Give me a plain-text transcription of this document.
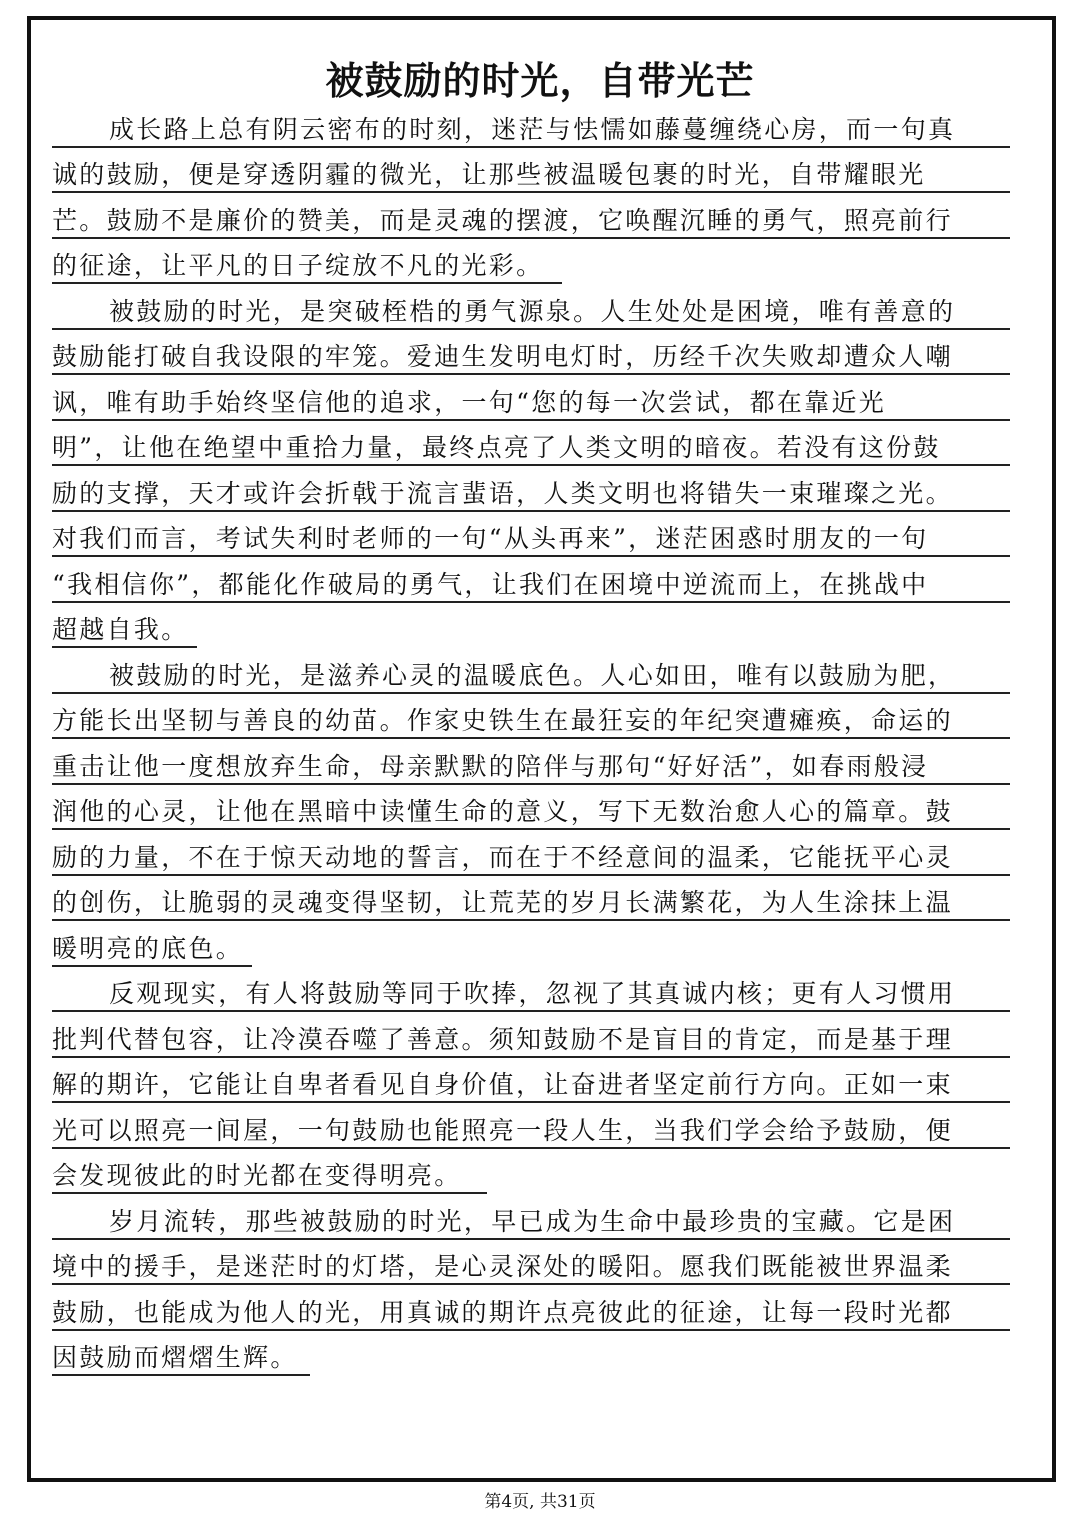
被鼓励的时光，自带光芒
成长路上总有阴云密布的时刻，迷茫与怯懦如藤蔓缠绕心房，而一句真
诚的鼓励，便是穿透阴霾的微光，让那些被温暖包裹的时光，自带耀眼光
芒。鼓励不是廉价的赞美，而是灵魂的摆渡，它唤醒沉睡的勇气，照亮前行
的征途，让平凡的日子绽放不凡的光彩。
被鼓励的时光，是突破桎梏的勇气源泉。人生处处是困境，唯有善意的
鼓励能打破自我设限的牢笼。爱迪生发明电灯时，历经千次失败却遭众人嘲
讽，唯有助手始终坚信他的追求，一句“您的每一次尝试，都在靠近光
明”，让他在绝望中重拾力量，最终点亮了人类文明的暗夜。若没有这份鼓
励的支撑，天才或许会折戟于流言蜚语，人类文明也将错失一束璀璨之光。
对我们而言，考试失利时老师的一句“从头再来”，迷茫困惑时朋友的一句
“我相信你”，都能化作破局的勇气，让我们在困境中逆流而上，在挑战中
超越自我。
被鼓励的时光，是滋养心灵的温暖底色。人心如田，唯有以鼓励为肥，
方能长出坚韧与善良的幼苗。作家史铁生在最狂妄的年纪突遭瘫痪，命运的
重击让他一度想放弃生命，母亲默默的陪伴与那句“好好活”，如春雨般浸
润他的心灵，让他在黑暗中读懂生命的意义，写下无数治愈人心的篇章。鼓
励的力量，不在于惊天动地的誓言，而在于不经意间的温柔，它能抚平心灵
的创伤，让脆弱的灵魂变得坚韧，让荒芜的岁月长满繁花，为人生涂抹上温
暖明亮的底色。
反观现实，有人将鼓励等同于吹捧，忽视了其真诚内核；更有人习惯用
批判代替包容，让冷漠吞噬了善意。须知鼓励不是盲目的肯定，而是基于理
解的期许，它能让自卑者看见自身价值，让奋进者坚定前行方向。正如一束
光可以照亮一间屋，一句鼓励也能照亮一段人生，当我们学会给予鼓励，便
会发现彼此的时光都在变得明亮。
岁月流转，那些被鼓励的时光，早已成为生命中最珍贵的宝藏。它是困
境中的援手，是迷茫时的灯塔，是心灵深处的暖阳。愿我们既能被世界温柔
鼓励，也能成为他人的光，用真诚的期许点亮彼此的征途，让每一段时光都
因鼓励而熠熠生辉。
第4页, 共31页
